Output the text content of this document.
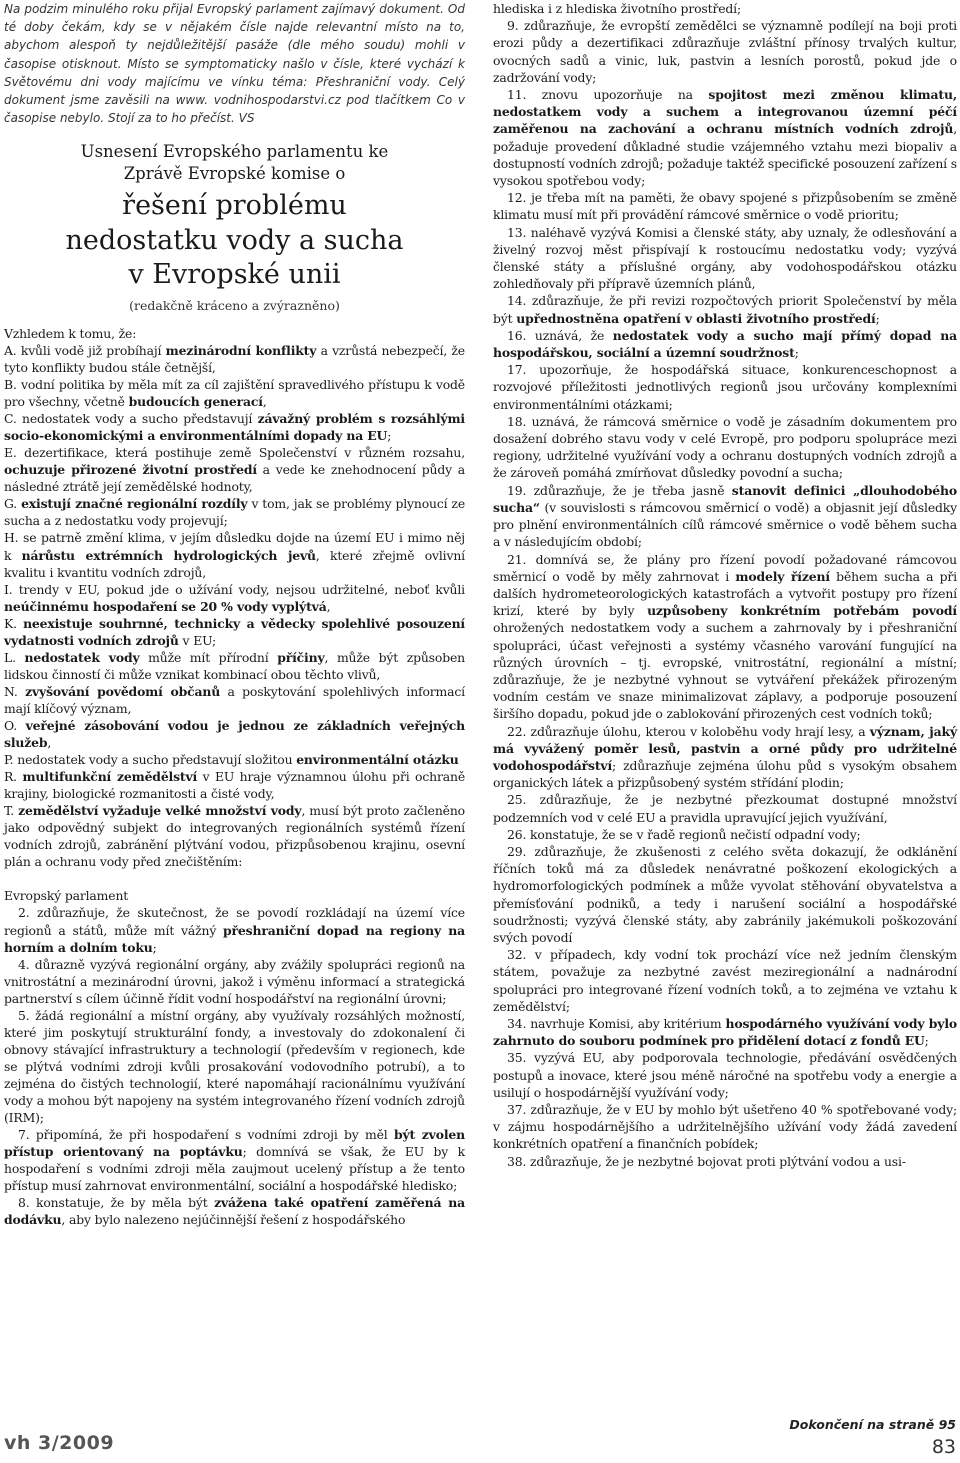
Na podzim minulého roku přijal Evropský parlament zajímavý dokument. Od té doby čekám, kdy se v nějakém čísle najde relevantní místo na to, abychom alespoň ty nejdůležitější pasáže (dle mého soudu) mohli v časopise otisknout. Místo se symptomaticky našlo v čísle, které vychází k Světovému dni vody majícímu ve vínku téma: Přeshraniční vody. Celý dokument jsme zavěsili na www. vodnihospodarstvi.cz pod tlačítkem Co v časopise nebylo. Stojí za to ho přečíst. VS

Usnesení Evropského parlamentu ke
Zprávě Evropské komise o
řešení problému
nedostatku vody a sucha
v Evropské unii
(redakčně kráceno a zvýrazněno)

Vzhledem k tomu, že:

A. kvůli vodě již probíhají mezinárodní konflikty a vzrůstá nebezpečí, že tyto konflikty budou stále četnější,

B. vodní politika by měla mít za cíl zajištění spravedlivého přístupu k vodě pro všechny, včetně budoucích generací,

C. nedostatek vody a sucho představují závažný problém s rozsáhlými socio-ekonomickými a environmentálními dopady na EU;

E. dezertifikace, která postihuje země Společenství v různém rozsahu, ochuzuje přirozené životní prostředí a vede ke znehodnocení půdy a následné ztrátě její zemědělské hodnoty,

G. existují značné regionální rozdíly v tom, jak se problémy plynoucí ze sucha a z nedostatku vody projevují;

H. se patrně změní klima, v jejím důsledku dojde na území EU i mimo něj k nárůstu extrémních hydrologických jevů, které zřejmě ovlivní kvalitu i kvantitu vodních zdrojů,

I. trendy v EU, pokud jde o užívání vody, nejsou udržitelné, neboť kvůli neúčinnému hospodaření se 20 % vody vyplýtvá,

K. neexistuje souhrnné, technicky a vědecky spolehlivé posouzení vydatnosti vodních zdrojů v EU;

L. nedostatek vody může mít přírodní příčiny, může být způsoben lidskou činností či může vznikat kombinací obou těchto vlivů,

N. zvyšování povědomí občanů a poskytování spolehlivých informací mají klíčový význam,

O. veřejné zásobování vodou je jednou ze základních veřejných služeb,

P. nedostatek vody a sucho představují složitou environmentální otázku

R. multifunkční zemědělství v EU hraje významnou úlohu při ochraně krajiny, biologické rozmanitosti a čisté vody,

T. zemědělství vyžaduje velké množství vody, musí být proto začleněno jako odpovědný subjekt do integrovaných regionálních systémů řízení vodních zdrojů, zabránění plýtvání vodou, přizpůsobenou krajinu, osevní plán a ochranu vody před znečištěním:

Evropský parlament

2. zdůrazňuje, že skutečnost, že se povodí rozkládají na území více regionů a států, může mít vážný přeshraniční dopad na regiony na horním a dolním toku;

4. důrazně vyzývá regionální orgány, aby zvážily spolupráci regionů na vnitrostátní a mezinárodní úrovni, jakož i výměnu informací a strategická partnerství s cílem účinně řídit vodní hospodářství na regionální úrovni;

5. žádá regionální a místní orgány, aby využívaly rozsáhlých možností, které jim poskytují strukturální fondy, a investovaly do zdokonalení či obnovy stávající infrastruktury a technologií (především v regionech, kde se plýtvá vodními zdroji kvůli prosakování vodovodního potrubí), a to zejména do čistých technologií, které napomáhají racionálnímu využívání vody a mohou být napojeny na systém integrovaného řízení vodních zdrojů (IRM);

7. připomíná, že při hospodaření s vodními zdroji by měl být zvolen přístup orientovaný na poptávku; domnívá se však, že EU by k hospodaření s vodními zdroji měla zaujmout ucelený přístup a že tento přístup musí zahrnovat environmentální, sociální a hospodářské hledisko;

8. konstatuje, že by měla být zvážena také opatření zaměřená na dodávku, aby bylo nalezeno nejúčinnější řešení z hospodářského

hlediska i z hlediska životního prostředí;

9. zdůrazňuje, že evropští zemědělci se významně podílejí na boji proti erozi půdy a dezertifikaci zdůrazňuje zvláštní přínosy trvalých kultur, ovocných sadů a vinic, luk, pastvin a lesních porostů, pokud jde o zadržování vody;

11. znovu upozorňuje na spojitost mezi změnou klimatu, nedostatkem vody a suchem a integrovanou územní péčí zaměřenou na zachování a ochranu místních vodních zdrojů, požaduje provedení důkladné studie vzájemného vztahu mezi biopaliv a dostupností vodních zdrojů; požaduje taktéž specifické posouzení zařízení s vysokou spotřebou vody;

12. je třeba mít na paměti, že obavy spojené s přizpůsobením se změně klimatu musí mít při provádění rámcové směrnice o vodě prioritu;

13. naléhavě vyzývá Komisi a členské státy, aby uznaly, že odlesňování a živelný rozvoj měst přispívají k rostoucímu nedostatku vody; vyzývá členské státy a příslušné orgány, aby vodohospodářskou otázku zohledňovaly při přípravě územních plánů,

14. zdůrazňuje, že při revizi rozpočtových priorit Společenství by měla být upřednostněna opatření v oblasti životního prostředí;

16. uznává, že nedostatek vody a sucho mají přímý dopad na hospodářskou, sociální a územní soudržnost;

17. upozorňuje, že hospodářská situace, konkurenceschopnost a rozvojové příležitosti jednotlivých regionů jsou určovány komplexními environmentálními otázkami;

18. uznává, že rámcová směrnice o vodě je zásadním dokumentem pro dosažení dobrého stavu vody v celé Evropě, pro podporu spolupráce mezi regiony, udržitelné využívání vody a ochranu dostupných vodních zdrojů a že zároveň pomáhá zmírňovat důsledky povodní a sucha;

19. zdůrazňuje, že je třeba jasně stanovit definici „dlouhodobého sucha“ (v souvislosti s rámcovou směrnicí o vodě) a objasnit její důsledky pro plnění environmentálních cílů rámcové směrnice o vodě během sucha a v následujícím období;

21. domnívá se, že plány pro řízení povodí požadované rámcovou směrnicí o vodě by měly zahrnovat i modely řízení během sucha a při dalších hydrometeorologických katastrofách a vytvořit postupy pro řízení krizí, které by byly uzpůsobeny konkrétním potřebám povodí ohrožených nedostatkem vody a suchem a zahrnovaly by i přeshraniční spolupráci, účast veřejnosti a systémy včasného varování fungující na různých úrovních – tj. evropské, vnitrostátní, regionální a místní; zdůrazňuje, že je nezbytné vyhnout se vytváření překážek přirozeným vodním cestám ve snaze minimalizovat záplavy, a podporuje posouzení širšího dopadu, pokud jde o zablokování přirozených cest vodních toků;

22. zdůrazňuje úlohu, kterou v koloběhu vody hrají lesy, a význam, jaký má vyvážený poměr lesů, pastvin a orné půdy pro udržitelné vodohospodářství; zdůrazňuje zejména úlohu půd s vysokým obsahem organických látek a přizpůsobený systém střídání plodin;

25. zdůrazňuje, že je nezbytné přezkoumat dostupné množství podzemních vod v celé EU a pravidla upravující jejich využívání,

26. konstatuje, že se v řadě regionů nečistí odpadní vody;

29. zdůrazňuje, že zkušenosti z celého světa dokazují, že odklánění říčních toků má za důsledek nenávratné poškození ekologických a hydromorfologických podmínek a může vyvolat stěhování obyvatelstva a přemísťování podniků, a tedy i narušení sociální a hospodářské soudržnosti; vyzývá členské státy, aby zabránily jakémukoli poškozování svých povodí

32. v případech, kdy vodní tok prochází více než jedním členským státem, považuje za nezbytné zavést meziregionální a nadnárodní spolupráci pro integrované řízení vodních toků, a to zejména ve vztahu k zemědělství;

34. navrhuje Komisi, aby kritérium hospodárného využívání vody bylo zahrnuto do souboru podmínek pro přidělení dotací z fondů EU;

35. vyzývá EU, aby podporovala technologie, předávání osvědčených postupů a inovace, které jsou méně náročné na spotřebu vody a energie a usilují o hospodárnější využívání vody;

37. zdůrazňuje, že v EU by mohlo být ušetřeno 40 % spotřebované vody; v zájmu hospodárnějšího a udržitelnějšího užívání vody žádá zavedení konkrétních opatření a finančních pobídek;

38. zdůrazňuje, že je nezbytné bojovat proti plýtvání vodou a usi-

vh 3/2009
Dokončení na straně 95
83
